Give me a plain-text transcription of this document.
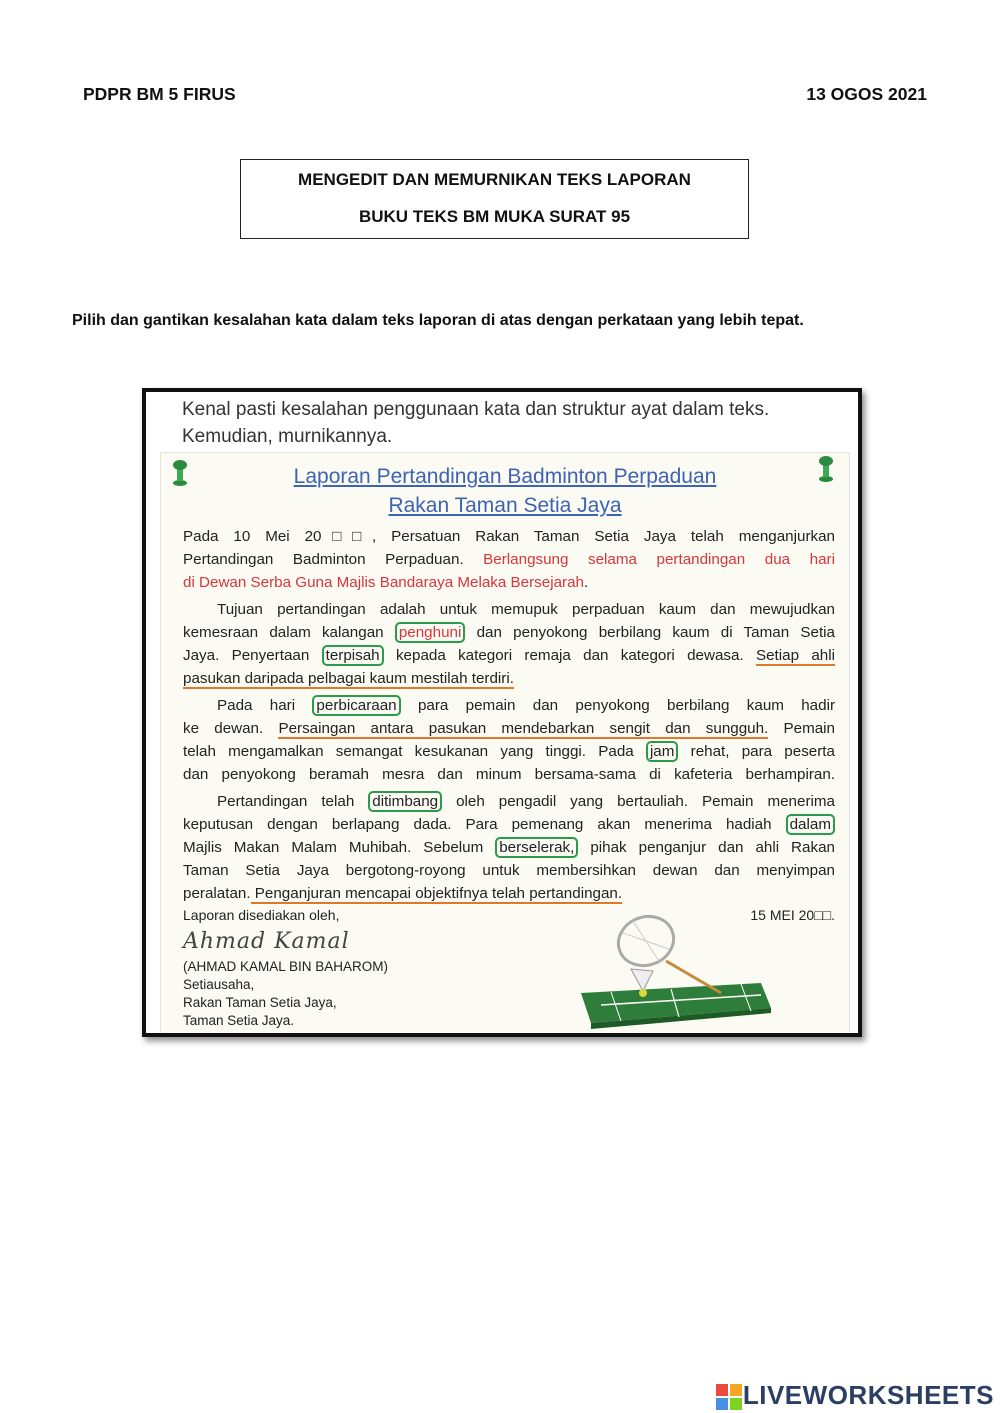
PDPR BM 5 FIRUS	13 OGOS 2021
MENGEDIT DAN MEMURNIKAN TEKS LAPORAN
BUKU TEKS BM MUKA SURAT 95
Pilih dan gantikan kesalahan kata dalam teks laporan di atas dengan perkataan yang lebih tepat.
Kenal pasti kesalahan penggunaan kata dan struktur ayat dalam teks.
Kemudian, murnikannya.
Laporan Pertandingan Badminton Perpaduan
Rakan Taman Setia Jaya
Pada 10 Mei 20□□, Persatuan Rakan Taman Setia Jaya telah menganjurkan
Pertandingan Badminton Perpaduan. Berlangsung selama pertandingan dua hari
di Dewan Serba Guna Majlis Bandaraya Melaka Bersejarah.
Tujuan pertandingan adalah untuk memupuk perpaduan kaum dan mewujudkan
kemesraan dalam kalangan penghuni dan penyokong berbilang kaum di Taman Setia
Jaya. Penyertaan terpisah kepada kategori remaja dan kategori dewasa. Setiap ahli
pasukan daripada pelbagai kaum mestilah terdiri.
Pada hari perbicaraan para pemain dan penyokong berbilang kaum hadir
ke dewan. Persaingan antara pasukan mendebarkan sengit dan sungguh. Pemain
telah mengamalkan semangat kesukanan yang tinggi. Pada jam rehat, para peserta
dan penyokong beramah mesra dan minum bersama-sama di kafeteria berhampiran.
Pertandingan telah ditimbang oleh pengadil yang bertauliah. Pemain menerima
keputusan dengan berlapang dada. Para pemenang akan menerima hadiah dalam
Majlis Makan Malam Muhibah. Sebelum berselerak, pihak penganjur dan ahli Rakan
Taman Setia Jaya bergotong-royong untuk membersihkan dewan dan menyimpan
peralatan. Penganjuran mencapai objektifnya telah pertandingan.
Laporan disediakan oleh,	15 MEI 20□□.
Ahmad Kamal
(AHMAD KAMAL BIN BAHAROM)
Setiausaha,
Rakan Taman Setia Jaya,
Taman Setia Jaya.

LIVEWORKSHEETS
